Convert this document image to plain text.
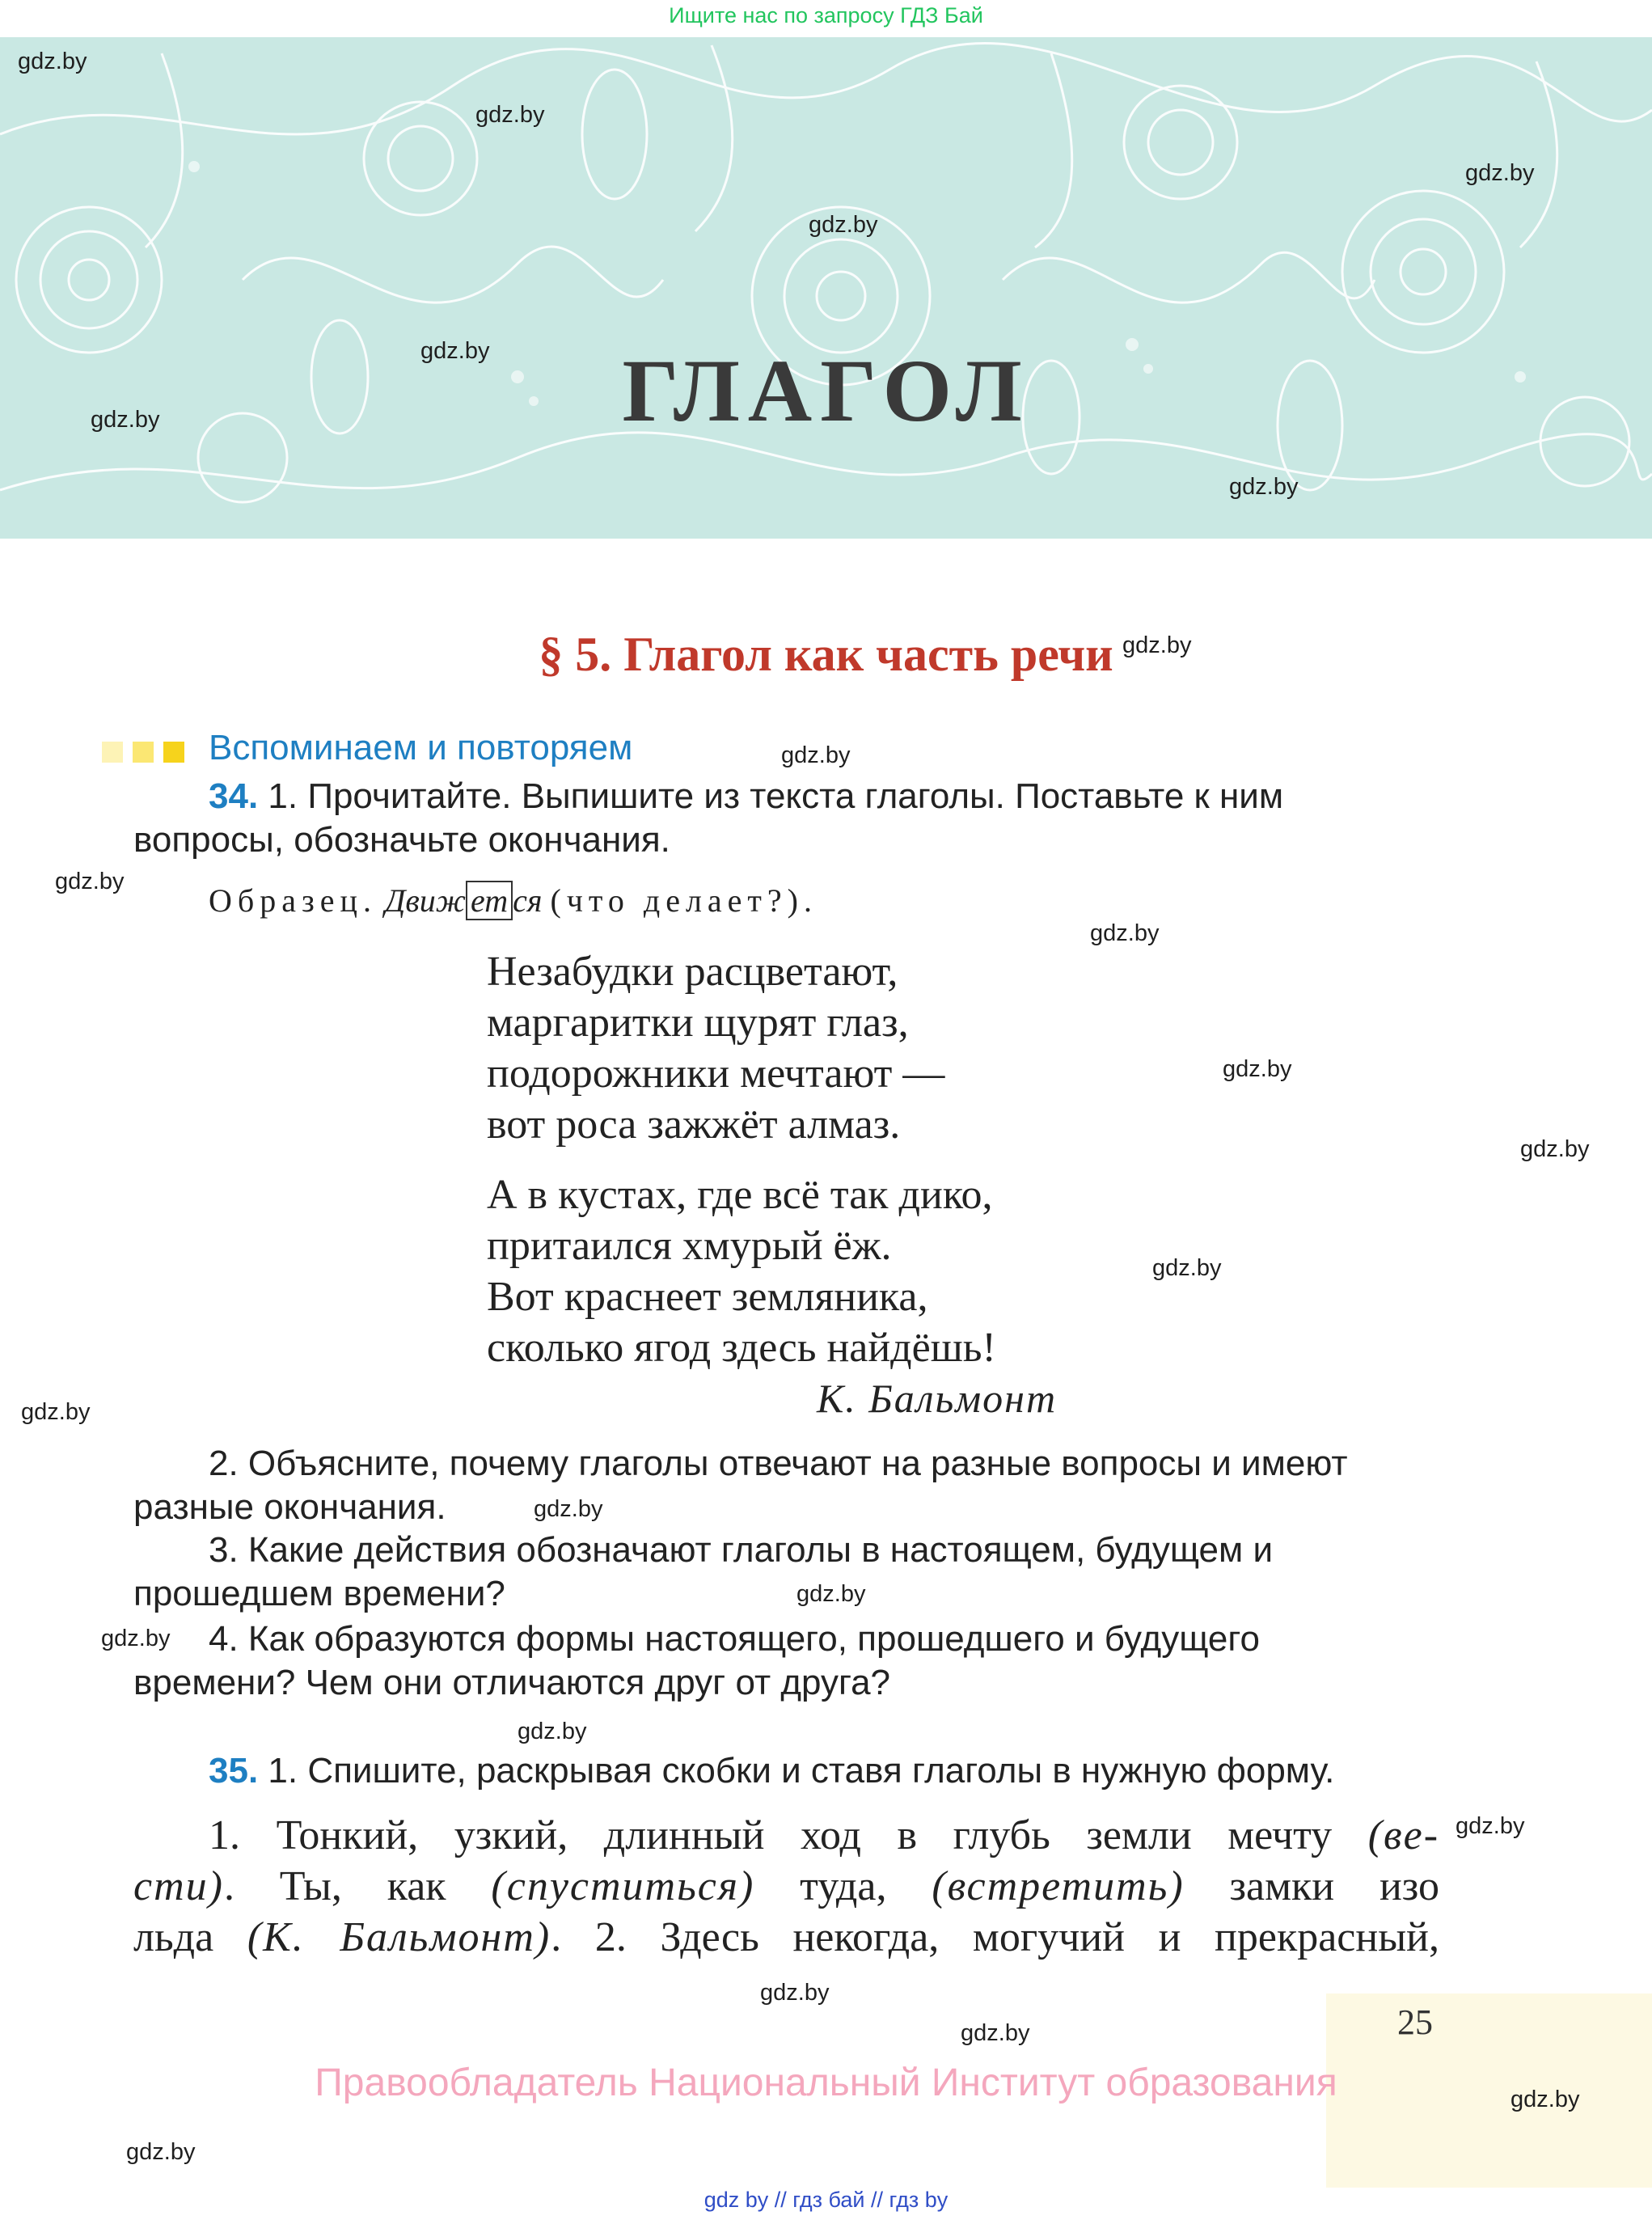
Ищите нас по запросу ГДЗ Бай
ГЛАГОЛ
gdz.by
gdz.by
gdz.by
gdz.by
gdz.by
gdz.by
gdz.by
§ 5. Глагол как часть речи gdz.by
Вспоминаем и повторяем	gdz.by
34. 1. Прочитайте. Выпишите из текста глаголы. Поставьте к ним
вопросы, обозначьте окончания.
gdz.by
Образец. Движ ет ся (что делает?).
gdz.by
Незабудки расцветают,
маргаритки щурят глаз,
подорожники мечтают —
вот роса зажжёт алмаз.
gdz.by
gdz.by
А в кустах, где всё так дико,
притаился хмурый ёж.
Вот краснеет земляника,
сколько ягод здесь найдёшь!
gdz.by
К. Бальмонт
gdz.by
2. Объясните, почему глаголы отвечают на разные вопросы и имеют
разные окончания.	gdz.by
3. Какие действия обозначают глаголы в настоящем, будущем и
прошедшем времени?	gdz.by
gdz.by 4. Как образуются формы настоящего, прошедшего и будущего
времени? Чем они отличаются друг от друга?
gdz.by
35. 1. Спишите, раскрывая скобки и ставя глаголы в нужную форму.
gdz.by
1. Тонкий, узкий, длинный ход в глубь земли мечту (ве-
сти). Ты, как (спуститься) туда, (встретить) замки изо
льда (К. Бальмонт). 2. Здесь некогда, могучий и прекрасный,
gdz.by
gdz.by	25
Правообладатель Национальный Институт образования	gdz.by
gdz.by
gdz by // гдз бай // гдз by
